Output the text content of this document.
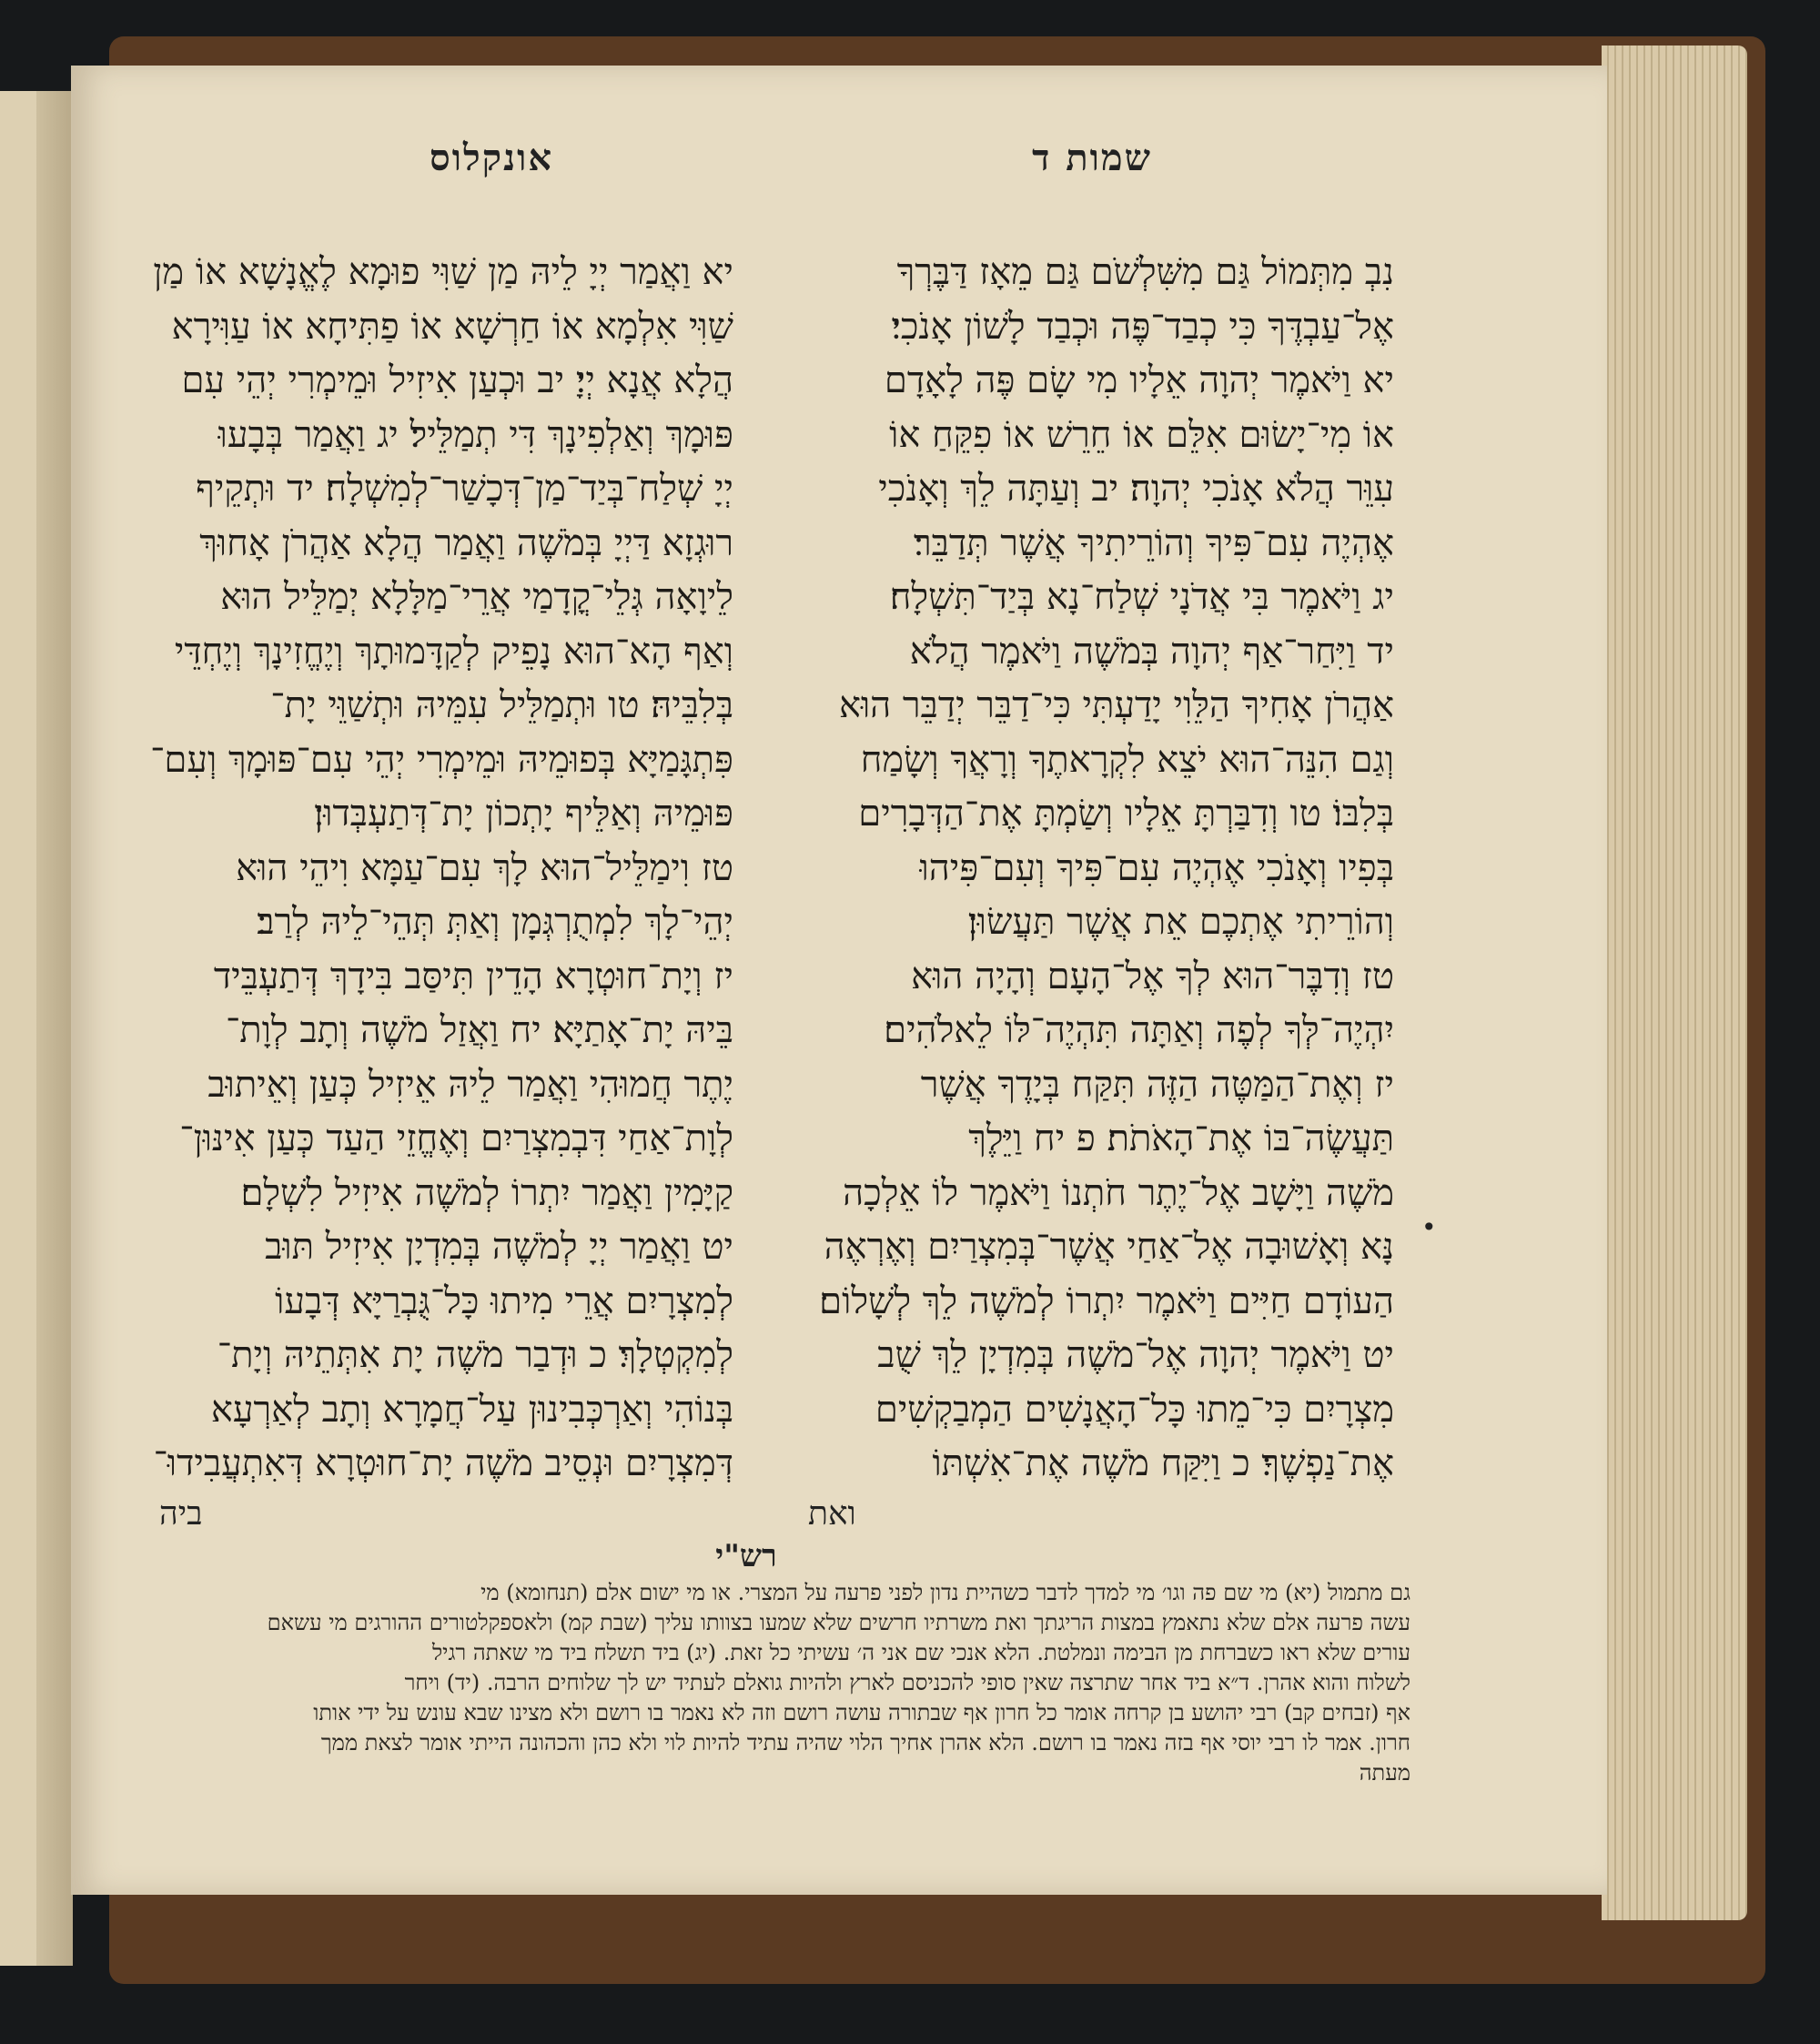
שמות ד
אונקלוס
נִבְ מִתְּמוֹל גַּם מִשִּׁלְשֹׁם גַּם מֵאָז דַּבֶּרְךָ
אֶל־עַבְדֶּךָ כִּי כְבַד־פֶּה וּכְבַד לָשׁוֹן אָנֹכִי׃
יא וַיֹּאמֶר יְהוָה אֵלָיו מִי שָׂם פֶּה לָאָדָם
אוֹ מִי־יָשׂוּם אִלֵּם אוֹ חֵרֵשׁ אוֹ פִקֵּחַ אוֹ
עִוֵּר הֲלֹא אָנֹכִי יְהוָה׃ יב וְעַתָּה לֵךְ וְאָנֹכִי
אֶהְיֶה עִם־פִּיךָ וְהוֹרֵיתִיךָ אֲשֶׁר תְּדַבֵּר׃
יג וַיֹּאמֶר בִּי אֲדֹנָי שְׁלַח־נָא בְּיַד־תִּשְׁלָח׃
יד וַיִּחַר־אַף יְהוָה בְּמֹשֶׁה וַיֹּאמֶר הֲלֹא
אַהֲרֹן אָחִיךָ הַלֵּוִי יָדַעְתִּי כִּי־דַבֵּר יְדַבֵּר הוּא
וְגַם הִנֵּה־הוּא יֹצֵא לִקְרָאתֶךָ וְרָאֲךָ וְשָׂמַח
בְּלִבּוֹ׃ טו וְדִבַּרְתָּ אֵלָיו וְשַׂמְתָּ אֶת־הַדְּבָרִים
בְּפִיו וְאָנֹכִי אֶהְיֶה עִם־פִּיךָ וְעִם־פִּיהוּ
וְהוֹרֵיתִי אֶתְכֶם אֵת אֲשֶׁר תַּעֲשׂוּן׃
טז וְדִבֶּר־הוּא לְךָ אֶל־הָעָם וְהָיָה הוּא
יִהְיֶה־לְּךָ לְפֶה וְאַתָּה תִּהְיֶה־לּוֹ לֵאלֹהִים׃
יז וְאֶת־הַמַּטֶּה הַזֶּה תִּקַּח בְּיָדֶךָ אֲשֶׁר
תַּעֲשֶׂה־בּוֹ אֶת־הָאֹתֹת׃ פ יח וַיֵּלֶךְ
מֹשֶׁה וַיָּשָׁב אֶל־יֶתֶר חֹתְנוֹ וַיֹּאמֶר לוֹ אֵלְכָה
נָּא וְאָשׁוּבָה אֶל־אַחַי אֲשֶׁר־בְּמִצְרַיִם וְאֶרְאֶה
הַעוֹדָם חַיִּים וַיֹּאמֶר יִתְרוֹ לְמֹשֶׁה לֵךְ לְשָׁלוֹם׃
יט וַיֹּאמֶר יְהוָה אֶל־מֹשֶׁה בְּמִדְיָן לֵךְ שֻׁב
מִצְרָיִם כִּי־מֵתוּ כָּל־הָאֲנָשִׁים הַמְבַקְשִׁים
אֶת־נַפְשֶׁךָ׃ כ וַיִּקַּח מֹשֶׁה אֶת־אִשְׁתּוֹ
יא וַאֲמַר יְיָ לֵיהּ מַן שַׁוִּי פוּמָא לֶאֱנָשָׁא אוֹ מַן
שַׁוִּי אִלְמָא אוֹ חַרְשָׁא אוֹ פַתִּיחָא אוֹ עַוִּירָא
הֲלָא אֲנָא יְיָ׃ יב וּכְעַן אִיזִיל וּמֵימְרִי יְהֵי עִם
פּוּמָךְ וְאַלְפִינָךְ דִּי תְמַלֵּיל׃ יג וַאֲמַר בְּבָעוּ
יְיָ שְׁלַח־בְּיַד־מַן־דְּכָשַׁר־לְמִשְׁלָח׃ יד וּתְקֵיף
רוּגְזָא דַּיְיָ בְּמֹשֶׁה וַאֲמַר הֲלָא אַהֲרֹן אָחוּךְ
לֵיוָאָה גְּלֵי־קֳדָמַי אֲרֵי־מַלָּלָא יְמַלֵּיל הוּא
וְאַף הָא־הוּא נָפֵיק לְקַדָּמוּתָךְ וְיֶחֱזִינָךְ וְיֶחְדֵּי
בְּלִבֵּיהּ׃ טו וּתְמַלֵּיל עִמֵּיהּ וּתְשַׁוֵּי יָת־
פִּתְגָּמַיָּא בְּפוּמֵיהּ וּמֵימְרִי יְהֵי עִם־פּוּמָךְ וְעִם־
פּוּמֵיהּ וְאַלֵּיף יָתְכוֹן יָת־דְּתַעְבְּדוּן׃
טז וִימַלֵּיל־הוּא לָךְ עִם־עַמָּא וִיהֵי הוּא
יְהֵי־לָךְ לִמְתֻרְגְּמָן וְאַתְּ תְּהֵי־לֵיהּ לְרַב׃
יז וְיָת־חוּטְרָא הָדֵין תִּיסַּב בִּידָךְ דְּתַעְבֵּיד
בֵּיהּ יָת־אָתַיָּא׃ יח וַאֲזַל מֹשֶׁה וְתָב לְוָת־
יֶתֶר חֲמוּהִי וַאֲמַר לֵיהּ אֵיזִיל כְּעַן וְאֵיתוּב
לְוָת־אַחַי דִּבְמִצְרַיִם וְאֶחֱזֵי הַעַד כְּעַן אִינּוּן־
קַיָּמִין וַאֲמַר יִתְרוֹ לְמֹשֶׁה אִיזִיל לִשְׁלָם׃
יט וַאֲמַר יְיָ לְמֹשֶׁה בְּמִדְיָן אִיזִיל תּוּב
לְמִצְרָיִם אֲרֵי מִיתוּ כָּל־גֻּבְרַיָּא דְּבָעוֹ
לְמִקְטְלָךְ׃ כ וּדְבַר מֹשֶׁה יָת אִתְּתֵיהּ וְיָת־
בְּנוֹהִי וְאַרְכְּבִינוּן עַל־חֲמָרָא וְתָב לְאַרְעָא
דְּמִצְרָיִם וּנְסֵיב מֹשֶׁה יָת־חוּטְרָא דְּאִתְעֲבִידוּ־
ואת
ביה
•
רש"י
גם מתמול (יא) מי שם פה וגו׳ מי למדך לדבר כשהיית נדון לפני פרעה על המצרי. או מי ישום אלם (תנחומא) מי
עשה פרעה אלם שלא נתאמץ במצות הריגתך ואת משרתיו חרשים שלא שמעו בצוותו עליך (שבת קמ) ולאספקלטורים ההורגים מי עשאם
עורים שלא ראו כשברחת מן הבימה ונמלטת. הלא אנכי שם אני ה׳ עשיתי כל זאת. (יג) ביד תשלח ביד מי שאתה רגיל
לשלוח והוא אהרן. ד״א ביד אחר שתרצה שאין סופי להכניסם לארץ ולהיות גואלם לעתיד יש לך שלוחים הרבה. (יד) ויחר
אף (זבחים קב) רבי יהושע בן קרחה אומר כל חרון אף שבתורה עושה רושם וזה לא נאמר בו רושם ולא מצינו שבא עונש על ידי אותו
חרון. אמר לו רבי יוסי אף בזה נאמר בו רושם. הלא אהרן אחיך הלוי שהיה עתיד להיות לוי ולא כהן והכהונה הייתי אומר לצאת ממך
מעתה
